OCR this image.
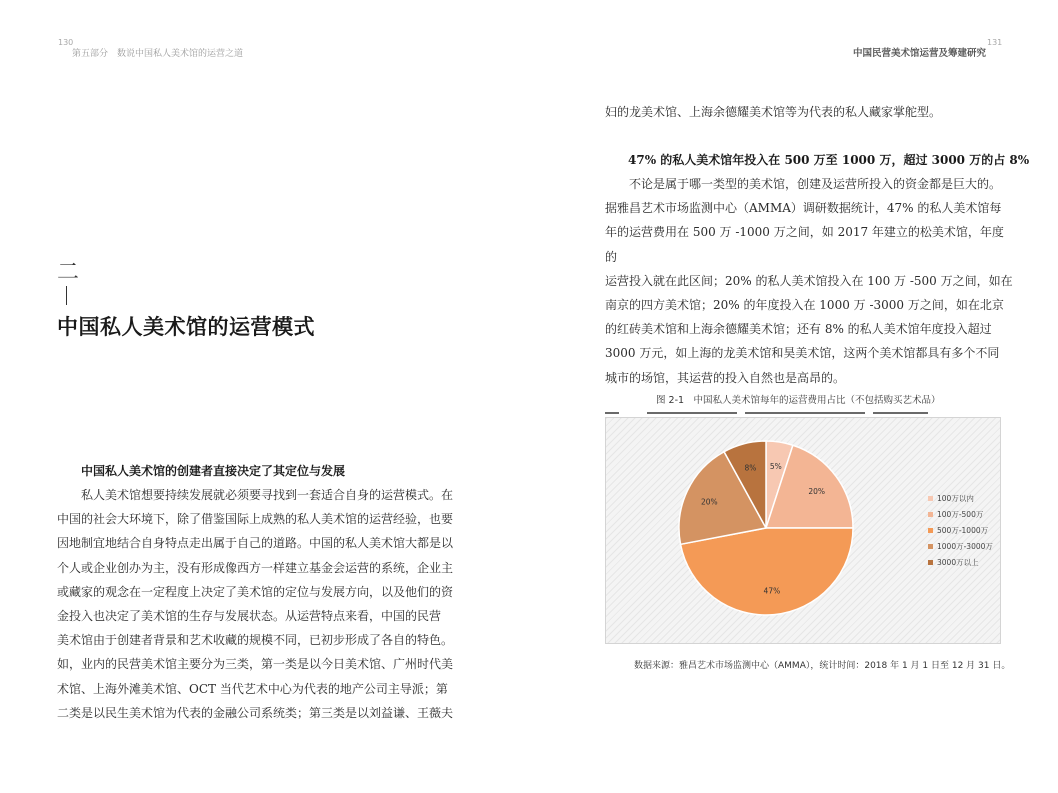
130
第五部分　数说中国私人美术馆的运营之道
二
中国私人美术馆的运营模式
中国私人美术馆的创建者直接决定了其定位与发展

　　私人美术馆想要持续发展就必须要寻找到一套适合自身的运营模式。在

中国的社会大环境下，除了借鉴国际上成熟的私人美术馆的运营经验，也要

因地制宜地结合自身特点走出属于自己的道路。中国的私人美术馆大都是以

个人或企业创办为主，没有形成像西方一样建立基金会运营的系统，企业主

或藏家的观念在一定程度上决定了美术馆的定位与发展方向，以及他们的资

金投入也决定了美术馆的生存与发展状态。从运营特点来看，中国的民营

美术馆由于创建者背景和艺术收藏的规模不同，已初步形成了各自的特色。

如，业内的民营美术馆主要分为三类，第一类是以今日美术馆、广州时代美

术馆、上海外滩美术馆、OCT 当代艺术中心为代表的地产公司主导派；第

二类是以民生美术馆为代表的金融公司系统类；第三类是以刘益谦、王薇夫

131
中国民营美术馆运营及筹建研究
妇的龙美术馆、上海余德耀美术馆等为代表的私人藏家掌舵型。
47% 的私人美术馆年投入在 500 万至 1000 万，超过 3000 万的占 8%

　　不论是属于哪一类型的美术馆，创建及运营所投入的资金都是巨大的。

据雅昌艺术市场监测中心（AMMA）调研数据统计，47% 的私人美术馆每

年的运营费用在 500 万 -1000 万之间，如 2017 年建立的松美术馆，年度的

运营投入就在此区间；20% 的私人美术馆投入在 100 万 -500 万之间，如在

南京的四方美术馆；20% 的年度投入在 1000 万 -3000 万之间，如在北京

的红砖美术馆和上海余德耀美术馆；还有 8% 的私人美术馆年度投入超过

3000 万元，如上海的龙美术馆和昊美术馆，这两个美术馆都具有多个不同

城市的场馆，其运营的投入自然也是高昂的。

图 2-1　中国私人美术馆每年的运营费用占比（不包括购买艺术品）
5%
20%
47%
20%
8%
100万以内
100万-500万
500万-1000万
1000万-3000万
3000万以上
数据来源：雅昌艺术市场监测中心（AMMA），统计时间：2018 年 1 月 1 日至 12 月 31 日。
